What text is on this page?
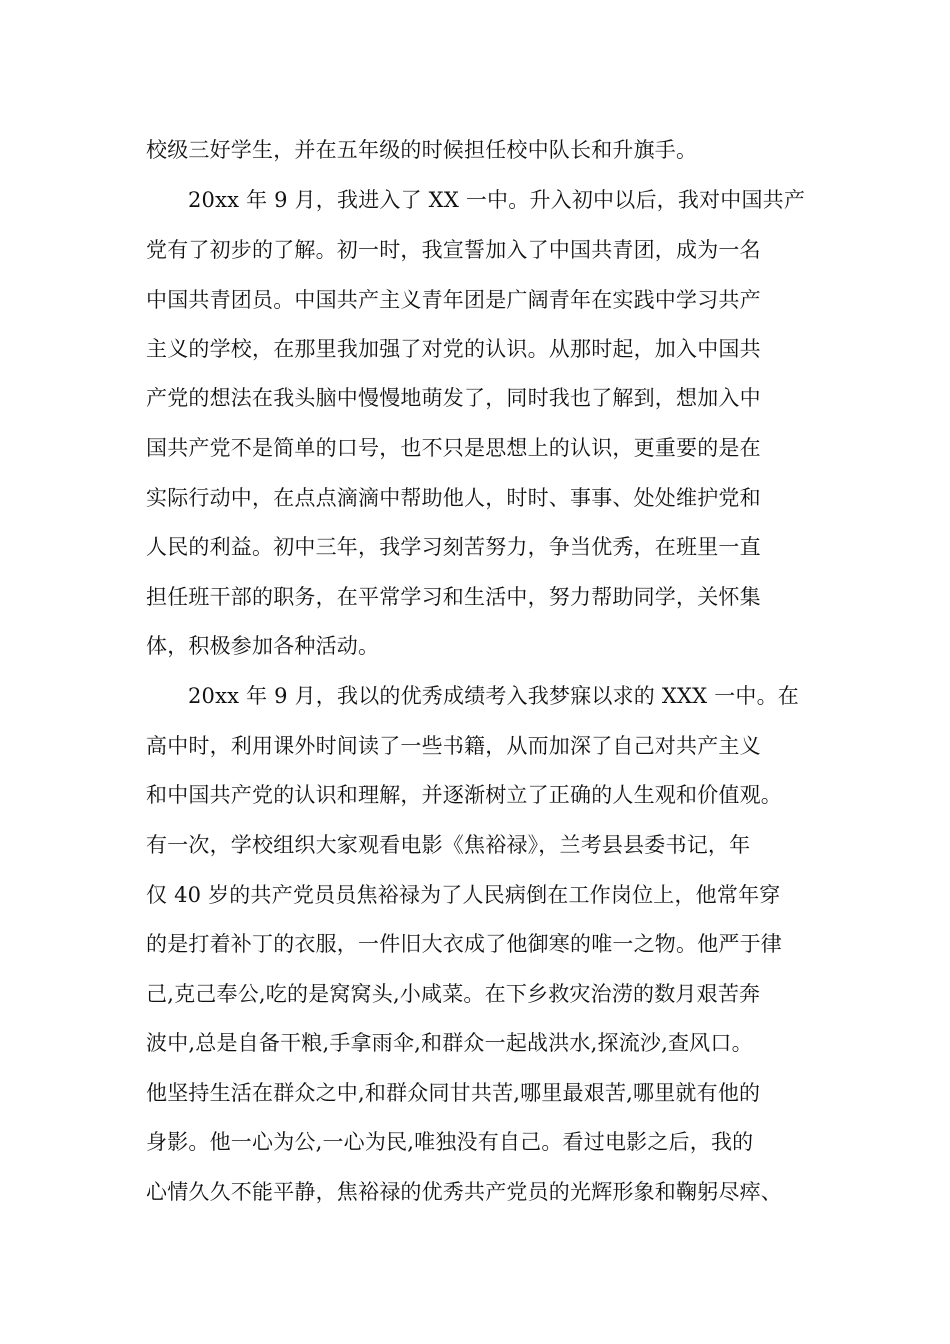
校级三好学生，并在五年级的时候担任校中队长和升旗手。
20xx 年 9 月，我进入了 XX 一中。升入初中以后，我对中国共产
党有了初步的了解。初一时，我宣誓加入了中国共青团，成为一名
中国共青团员。中国共产主义青年团是广阔青年在实践中学习共产
主义的学校，在那里我加强了对党的认识。从那时起，加入中国共
产党的想法在我头脑中慢慢地萌发了，同时我也了解到，想加入中
国共产党不是简单的口号，也不只是思想上的认识，更重要的是在
实际行动中，在点点滴滴中帮助他人，时时、事事、处处维护党和
人民的利益。初中三年，我学习刻苦努力，争当优秀，在班里一直
担任班干部的职务，在平常学习和生活中，努力帮助同学，关怀集
体，积极参加各种活动。
20xx 年 9 月，我以的优秀成绩考入我梦寐以求的 XXX 一中。在
高中时，利用课外时间读了一些书籍，从而加深了自己对共产主义
和中国共产党的认识和理解，并逐渐树立了正确的人生观和价值观。
有一次，学校组织大家观看电影《焦裕禄》，兰考县县委书记，年
仅 40 岁的共产党员员焦裕禄为了人民病倒在工作岗位上，他常年穿
的是打着补丁的衣服，一件旧大衣成了他御寒的唯一之物。他严于律
己,克己奉公,吃的是窝窝头,小咸菜。在下乡救灾治涝的数月艰苦奔
波中,总是自备干粮,手拿雨伞,和群众一起战洪水,探流沙,查风口。
他坚持生活在群众之中,和群众同甘共苦,哪里最艰苦,哪里就有他的
身影。他一心为公,一心为民,唯独没有自己。看过电影之后，我的
心情久久不能平静，焦裕禄的优秀共产党员的光辉形象和鞠躬尽瘁、
